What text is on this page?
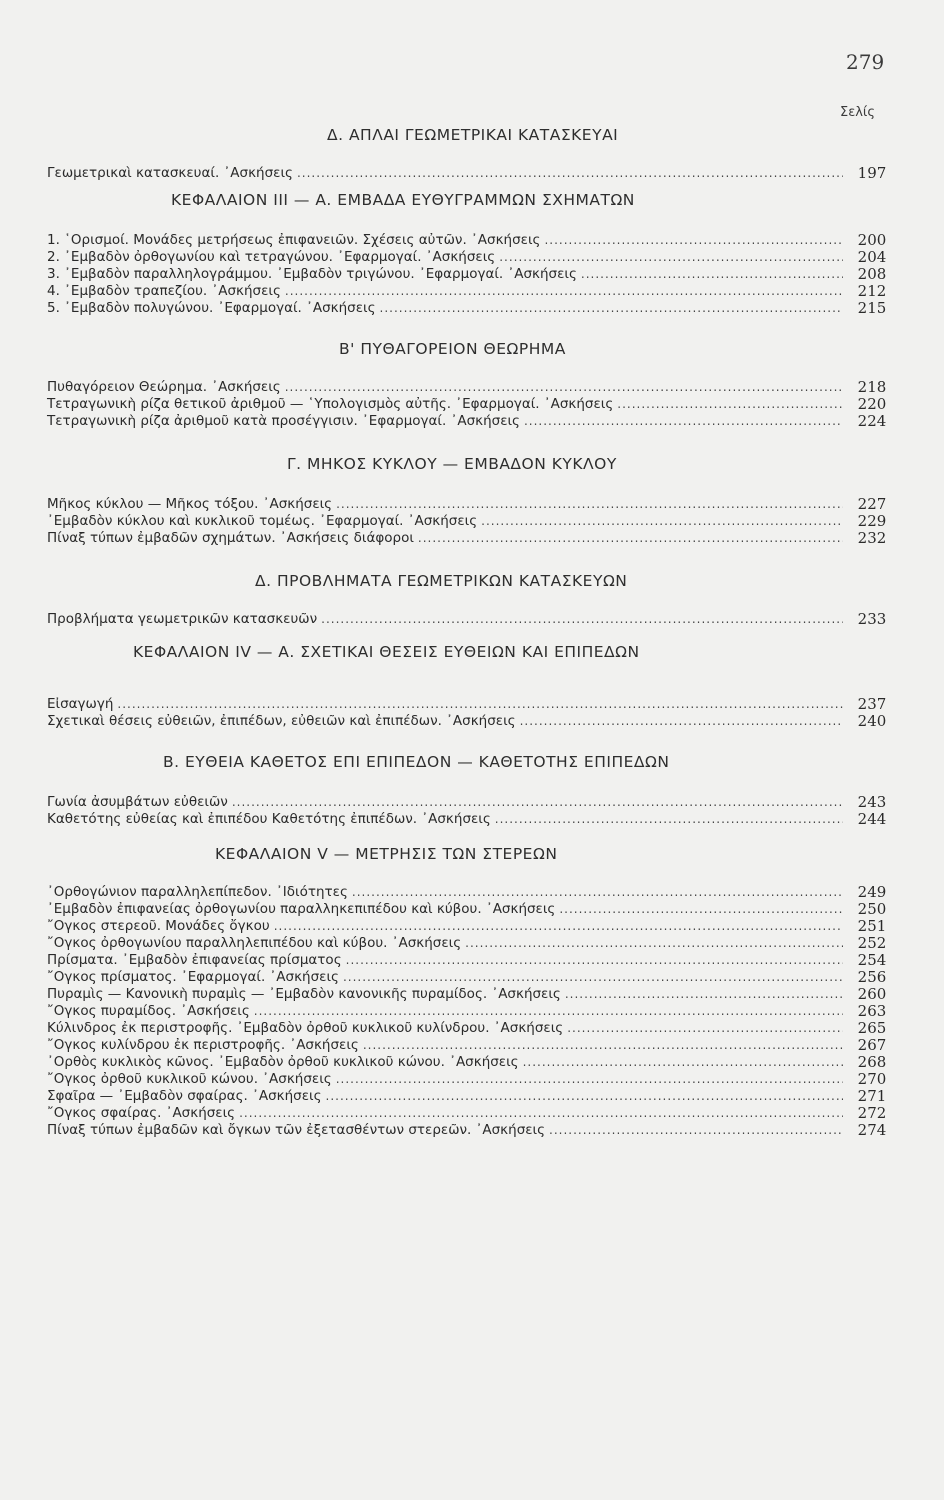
279
Σελίς
Δ. ΑΠΛΑΙ ΓΕΩΜΕΤΡΙΚΑΙ ΚΑΤΑΣΚΕΥΑΙ
Γεωμετρικαὶ κατασκευαί. ᾿Ασκήσεις .....	197
ΚΕΦΑΛΑΙΟΝ III — Α. ΕΜΒΑΔΑ ΕΥΘΥΓΡΑΜΜΩΝ ΣΧΗΜΑΤΩΝ
1. ῾Ορισμοί. Μονάδες μετρήσεως ἐπιφανειῶν. Σχέσεις αὐτῶν. ᾿Ασκήσεις .....	200
2. ᾿Εμβαδὸν ὀρθογωνίου καὶ τετραγώνου. ᾿Εφαρμογαί. ᾿Ασκήσεις .....	204
3. ᾿Εμβαδὸν παραλληλογράμμου. ᾿Εμβαδὸν τριγώνου. ᾿Εφαρμογαί. ᾿Ασκήσεις .....	208
4. ᾿Εμβαδὸν τραπεζίου. ᾿Ασκήσεις .....	212
5. ᾿Εμβαδὸν πολυγώνου. ᾿Εφαρμογαί. ᾿Ασκήσεις .....	215
Β' ΠΥΘΑΓΟΡΕΙΟΝ ΘΕΩΡΗΜΑ
Πυθαγόρειον Θεώρημα. ᾿Ασκήσεις .....	218
Τετραγωνικὴ ρίζα θετικοῦ ἀριθμοῦ — ῾Υπολογισμὸς αὐτῆς. ᾿Εφαρμογαί. ᾿Ασκήσεις .....	220
Τετραγωνικὴ ρίζα ἀριθμοῦ κατὰ προσέγγισιν. ᾿Εφαρμογαί. ᾿Ασκήσεις .....	224
Γ. ΜΗΚΟΣ ΚΥΚΛΟΥ — ΕΜΒΑΔΟΝ ΚΥΚΛΟΥ
Μῆκος κύκλου — Μῆκος τόξου. ᾿Ασκήσεις .....	227
᾿Εμβαδὸν κύκλου καὶ κυκλικοῦ τομέως. ᾿Εφαρμογαί. ᾿Ασκήσεις .....	229
Πίναξ τύπων ἐμβαδῶν σχημάτων. ᾿Ασκήσεις διάφοροι .....	232
Δ. ΠΡΟΒΛΗΜΑΤΑ ΓΕΩΜΕΤΡΙΚΩΝ ΚΑΤΑΣΚΕΥΩΝ
Προβλήματα γεωμετρικῶν κατασκευῶν .....	233
ΚΕΦΑΛΑΙΟΝ IV — Α. ΣΧΕΤΙΚΑΙ ΘΕΣΕΙΣ ΕΥΘΕΙΩΝ ΚΑΙ ΕΠΙΠΕΔΩΝ
Εἰσαγωγή .....	237
Σχετικαὶ θέσεις εὐθειῶν, ἐπιπέδων, εὐθειῶν καὶ ἐπιπέδων. ᾿Ασκήσεις .....	240
Β. ΕΥΘΕΙΑ ΚΑΘΕΤΟΣ ΕΠΙ ΕΠΙΠΕΔΟΝ — ΚΑΘΕΤΟΤΗΣ ΕΠΙΠΕΔΩΝ
Γωνία ἀσυμβάτων εὐθειῶν .....	243
Καθετότης εὐθείας καὶ ἐπιπέδου Καθετότης ἐπιπέδων. ᾿Ασκήσεις .....	244
ΚΕΦΑΛΑΙΟΝ V — ΜΕΤΡΗΣΙΣ ΤΩΝ ΣΤΕΡΕΩΝ
᾿Ορθογώνιον παραλληλεπίπεδον. ᾿Ιδιότητες .....	249
᾿Εμβαδὸν ἐπιφανείας ὀρθογωνίου παραλληκεπιπέδου καὶ κύβου. ᾿Ασκήσεις .....	250
῎Ογκος στερεοῦ. Μονάδες ὄγκου .....	251
῎Ογκος ὀρθογωνίου παραλληλεπιπέδου καὶ κύβου. ᾿Ασκήσεις .....	252
Πρίσματα. ᾿Εμβαδὸν ἐπιφανείας πρίσματος .....	254
῎Ογκος πρίσματος. ᾿Εφαρμογαί. ᾿Ασκήσεις .....	256
Πυραμὶς — Κανονικὴ πυραμὶς — ᾿Εμβαδὸν κανονικῆς πυραμίδος. ᾿Ασκήσεις .....	260
῎Ογκος πυραμίδος. ᾿Ασκήσεις .....	263
Κύλινδρος ἐκ περιστροφῆς. ᾿Εμβαδὸν ὀρθοῦ κυκλικοῦ κυλίνδρου. ᾿Ασκήσεις .....	265
῎Ογκος κυλίνδρου ἐκ περιστροφῆς. ᾿Ασκήσεις .....	267
᾿Ορθὸς κυκλικὸς κῶνος. ᾿Εμβαδὸν ὀρθοῦ κυκλικοῦ κώνου. ᾿Ασκήσεις .....	268
῎Ογκος ὀρθοῦ κυκλικοῦ κώνου. ᾿Ασκήσεις .....	270
Σφαῖρα — ᾿Εμβαδὸν σφαίρας. ᾿Ασκήσεις .....	271
῎Ογκος σφαίρας. ᾿Ασκήσεις .....	272
Πίναξ τύπων ἐμβαδῶν καὶ ὄγκων τῶν ἐξετασθέντων στερεῶν. ᾿Ασκήσεις .....	274
